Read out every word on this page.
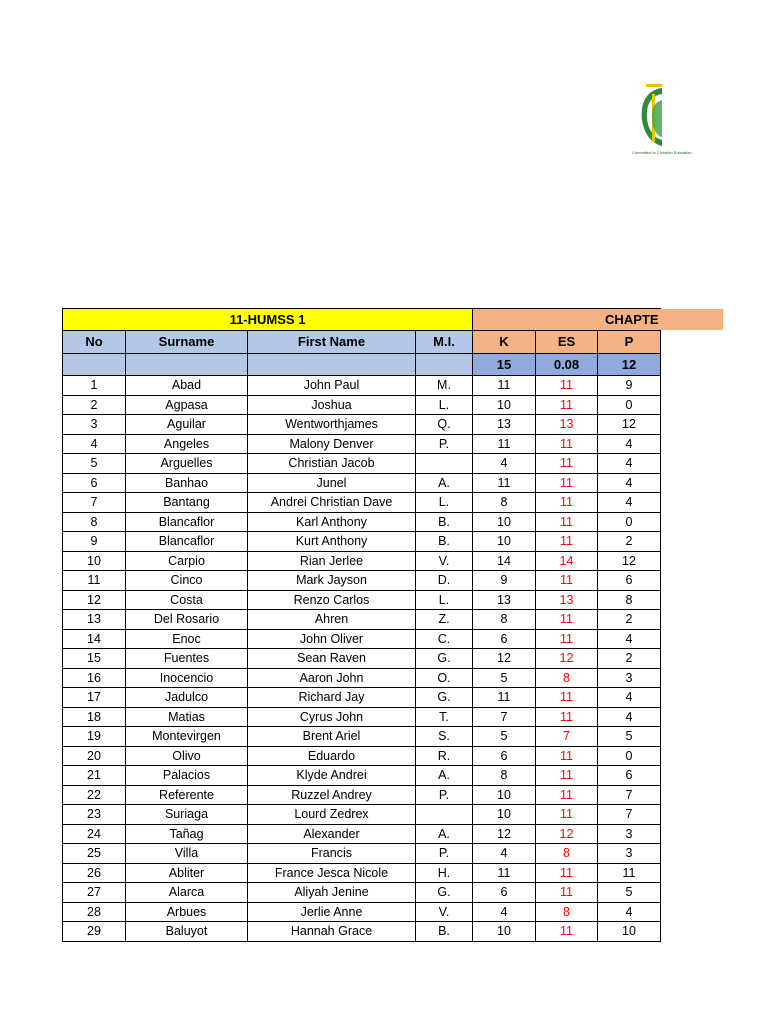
Committed to Christian Education
11-HUMSS 1				CHAPTE		
No	Surname	First Name	M.I.	K	ES	P
				15	0.08	12
1	Abad	John Paul	M.	11	11	9
2	Agpasa	Joshua	L.	10	11	0
3	Aguilar	Wentworthjames	Q.	13	13	12
4	Angeles	Malony Denver	P.	11	11	4
5	Arguelles	Christian Jacob		4	11	4
6	Banhao	Junel	A.	11	11	4
7	Bantang	Andrei Christian Dave	L.	8	11	4
8	Blancaflor	Karl Anthony	B.	10	11	0
9	Blancaflor	Kurt Anthony	B.	10	11	2
10	Carpio	Rian Jerlee	V.	14	14	12
11	Cinco	Mark Jayson	D.	9	11	6
12	Costa	Renzo Carlos	L.	13	13	8
13	Del Rosario	Ahren	Z.	8	11	2
14	Enoc	John Oliver	C.	6	11	4
15	Fuentes	Sean Raven	G.	12	12	2
16	Inocencio	Aaron John	O.	5	8	3
17	Jadulco	Richard Jay	G.	11	11	4
18	Matias	Cyrus John	T.	7	11	4
19	Montevirgen	Brent Ariel	S.	5	7	5
20	Olivo	Eduardo	R.	6	11	0
21	Palacios	Klyde Andrei	A.	8	11	6
22	Referente	Ruzzel Andrey	P.	10	11	7
23	Suriaga	Lourd Zedrex		10	11	7
24	Tañag	Alexander	A.	12	12	3
25	Villa	Francis	P.	4	8	3
26	Abliter	France Jesca Nicole	H.	11	11	11
27	Alarca	Aliyah Jenine	G.	6	11	5
28	Arbues	Jerlie Anne	V.	4	8	4
29	Baluyot	Hannah Grace	B.	10	11	10
